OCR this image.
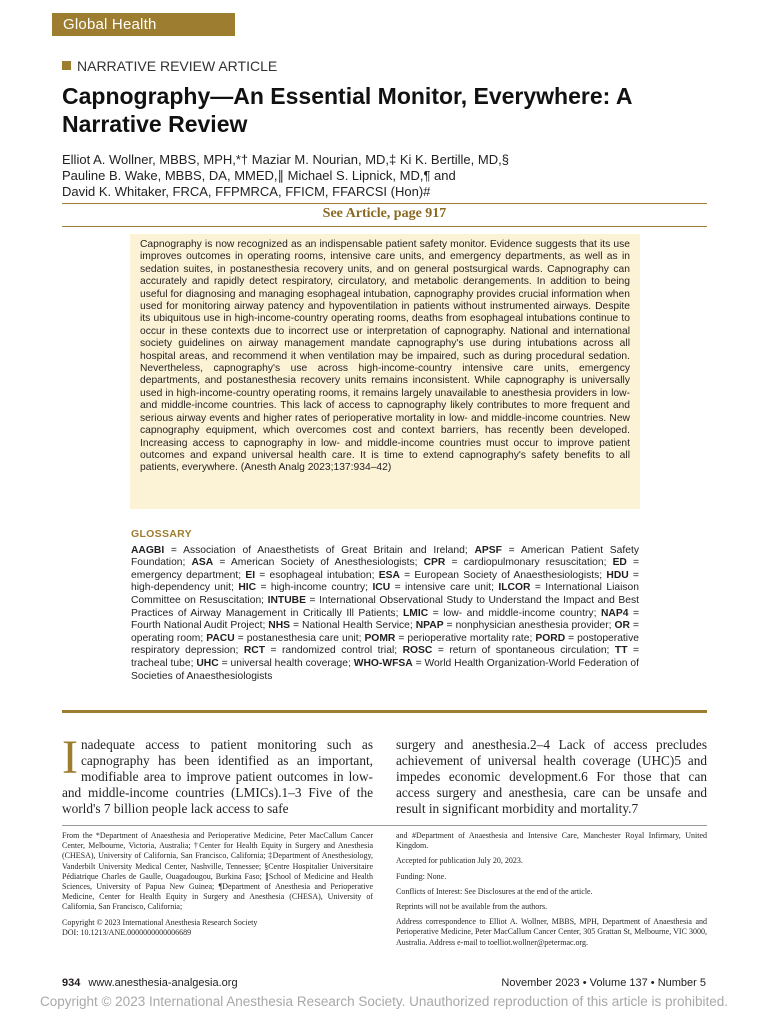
Global Health
NARRATIVE REVIEW ARTICLE
Capnography—An Essential Monitor, Everywhere: A Narrative Review
Elliot A. Wollner, MBBS, MPH,*† Maziar M. Nourian, MD,‡ Ki K. Bertille, MD,§
Pauline B. Wake, MBBS, DA, MMED,∥ Michael S. Lipnick, MD,¶ and
David K. Whitaker, FRCA, FFPMRCA, FFICM, FFARCSI (Hon)#
See Article, page 917
Capnography is now recognized as an indispensable patient safety monitor. Evidence suggests that its use improves outcomes in operating rooms, intensive care units, and emergency departments, as well as in sedation suites, in postanesthesia recovery units, and on general postsurgical wards. Capnography can accurately and rapidly detect respiratory, circulatory, and metabolic derangements. In addition to being useful for diagnosing and managing esophageal intubation, capnography provides crucial information when used for monitoring airway patency and hypoventilation in patients without instrumented airways. Despite its ubiquitous use in high-income-country operating rooms, deaths from esophageal intubations continue to occur in these contexts due to incorrect use or interpretation of capnography. National and international society guidelines on airway management mandate capnography's use during intubations across all hospital areas, and recommend it when ventilation may be impaired, such as during procedural sedation. Nevertheless, capnography's use across high-income-country intensive care units, emergency departments, and postanesthesia recovery units remains inconsistent. While capnography is universally used in high-income-country operating rooms, it remains largely unavailable to anesthesia providers in low- and middle-income countries. This lack of access to capnography likely contributes to more frequent and serious airway events and higher rates of perioperative mortality in low- and middle-income countries. New capnography equipment, which overcomes cost and context barriers, has recently been developed. Increasing access to capnography in low- and middle-income countries must occur to improve patient outcomes and expand universal health care. It is time to extend capnography's safety benefits to all patients, everywhere. (Anesth Analg 2023;137:934–42)
GLOSSARY
AAGBI = Association of Anaesthetists of Great Britain and Ireland; APSF = American Patient Safety Foundation; ASA = American Society of Anesthesiologists; CPR = cardiopulmonary resuscitation; ED = emergency department; EI = esophageal intubation; ESA = European Society of Anaesthesiologists; HDU = high-dependency unit; HIC = high-income country; ICU = intensive care unit; ILCOR = International Liaison Committee on Resuscitation; INTUBE = International Observational Study to Understand the Impact and Best Practices of Airway Management in Critically Ill Patients; LMIC = low- and middle-income country; NAP4 = Fourth National Audit Project; NHS = National Health Service; NPAP = nonphysician anesthesia provider; OR = operating room; PACU = postanesthesia care unit; POMR = perioperative mortality rate; PORD = postoperative respiratory depression; RCT = randomized control trial; ROSC = return of spontaneous circulation; TT = tracheal tube; UHC = universal health coverage; WHO-WFSA = World Health Organization-World Federation of Societies of Anaesthesiologists
Inadequate access to patient monitoring such as capnography has been identified as an important, modifiable area to improve patient outcomes in low- and middle-income countries (LMICs).1–3 Five of the world's 7 billion people lack access to safe
surgery and anesthesia.2–4 Lack of access precludes achievement of universal health coverage (UHC)5 and impedes economic development.6 For those that can access surgery and anesthesia, care can be unsafe and result in significant morbidity and mortality.7

From the *Department of Anaesthesia and Perioperative Medicine, Peter MacCallum Cancer Center, Melbourne, Victoria, Australia; †Center for Health Equity in Surgery and Anesthesia (CHESA), University of California, San Francisco, California; ‡Department of Anesthesiology, Vanderbilt University Medical Center, Nashville, Tennessee; §Centre Hospitalier Universitaire Pédiatrique Charles de Gaulle, Ouagadougou, Burkina Faso; ∥School of Medicine and Health Sciences, University of Papua New Guinea; ¶Department of Anesthesia and Perioperative Medicine, Center for Health Equity in Surgery and Anesthesia (CHESA), University of California, San Francisco, California;

Copyright © 2023 International Anesthesia Research Society

DOI: 10.1213/ANE.0000000000006689

and #Department of Anaesthesia and Intensive Care, Manchester Royal Infirmary, United Kingdom.

Accepted for publication July 20, 2023.

Funding: None.

Conflicts of Interest: See Disclosures at the end of the article.

Reprints will not be available from the authors.

Address correspondence to Elliot A. Wollner, MBBS, MPH, Department of Anaesthesia and Perioperative Medicine, Peter MacCallum Cancer Center, 305 Grattan St, Melbourne, VIC 3000, Australia. Address e-mail to toelliot.wollner@petermac.org.

934 www.anesthesia-analgesia.org	November 2023 • Volume 137 • Number 5
Copyright © 2023 International Anesthesia Research Society. Unauthorized reproduction of this article is prohibited.
